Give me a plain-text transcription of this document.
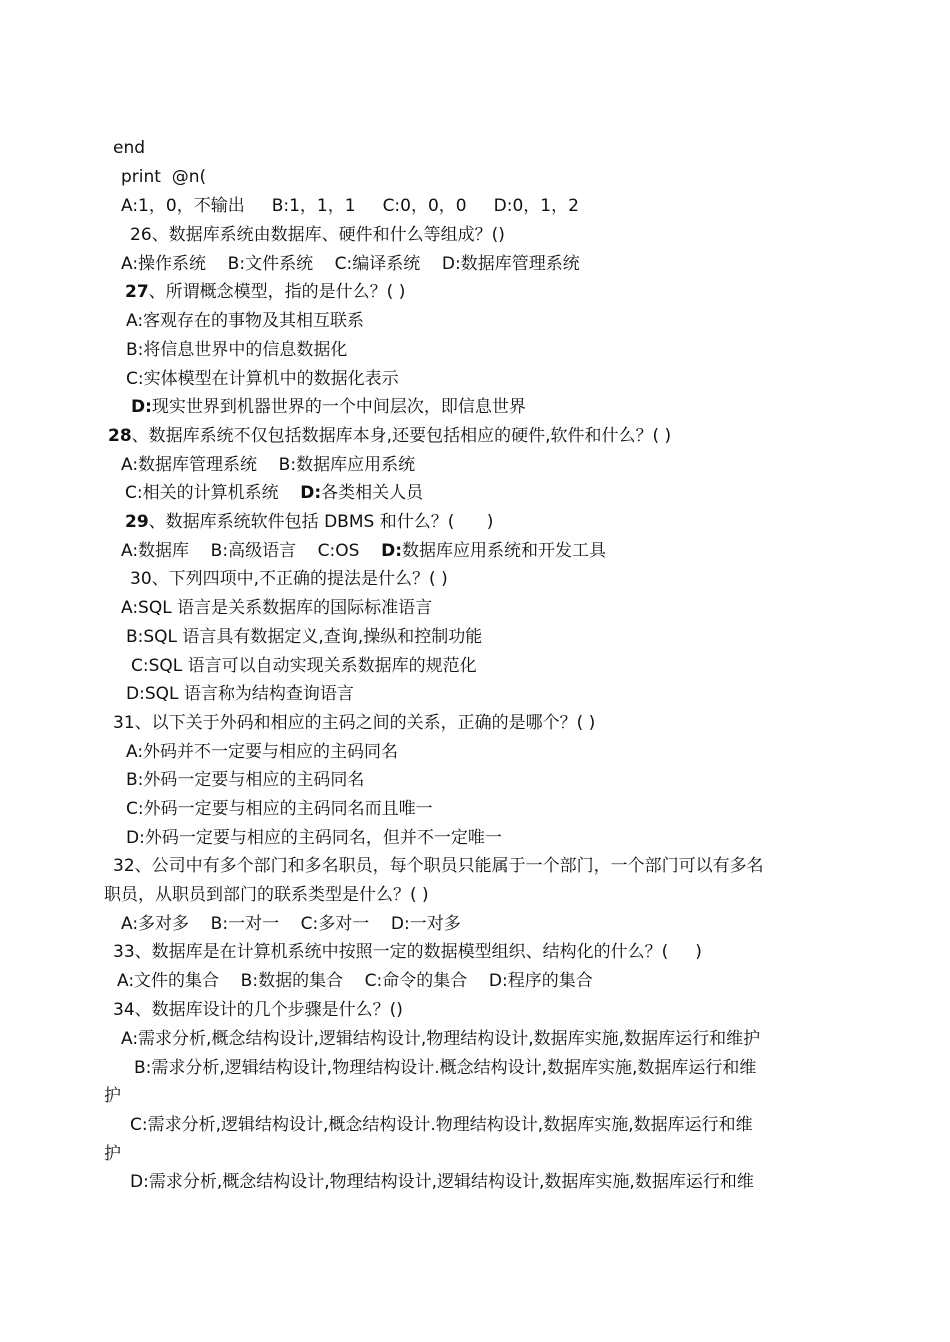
end
print  @n(
A:1，0，不输出     B:1，1，1     C:0，0，0     D:0，1，2
26、数据库系统由数据库、硬件和什么等组成？()
A:操作系统    B:文件系统    C:编译系统    D:数据库管理系统
27、所谓概念模型，指的是什么？( )
A:客观存在的事物及其相互联系
B:将信息世界中的信息数据化
C:实体模型在计算机中的数据化表示
D:现实世界到机器世界的一个中间层次，即信息世界
28、数据库系统不仅包括数据库本身,还要包括相应的硬件,软件和什么？( )
A:数据库管理系统    B:数据库应用系统
C:相关的计算机系统    D:各类相关人员
29、数据库系统软件包括 DBMS 和什么？(      )
A:数据库    B:高级语言    C:OS    D:数据库应用系统和开发工具
30、下列四项中,不正确的提法是什么？( )
A:SQL 语言是关系数据库的国际标准语言
B:SQL 语言具有数据定义,查询,操纵和控制功能
C:SQL 语言可以自动实现关系数据库的规范化
D:SQL 语言称为结构查询语言
31、以下关于外码和相应的主码之间的关系，正确的是哪个？( )
A:外码并不一定要与相应的主码同名
B:外码一定要与相应的主码同名
C:外码一定要与相应的主码同名而且唯一
D:外码一定要与相应的主码同名，但并不一定唯一
32、公司中有多个部门和多名职员，每个职员只能属于一个部门，一个部门可以有多名
职员，从职员到部门的联系类型是什么？( )
A:多对多    B:一对一    C:多对一    D:一对多
33、数据库是在计算机系统中按照一定的数据模型组织、结构化的什么？(     )
A:文件的集合    B:数据的集合    C:命令的集合    D:程序的集合
34、数据库设计的几个步骤是什么？()
A:需求分析,概念结构设计,逻辑结构设计,物理结构设计,数据库实施,数据库运行和维护
B:需求分析,逻辑结构设计,物理结构设计.概念结构设计,数据库实施,数据库运行和维
护
C:需求分析,逻辑结构设计,概念结构设计.物理结构设计,数据库实施,数据库运行和维
护
D:需求分析,概念结构设计,物理结构设计,逻辑结构设计,数据库实施,数据库运行和维
